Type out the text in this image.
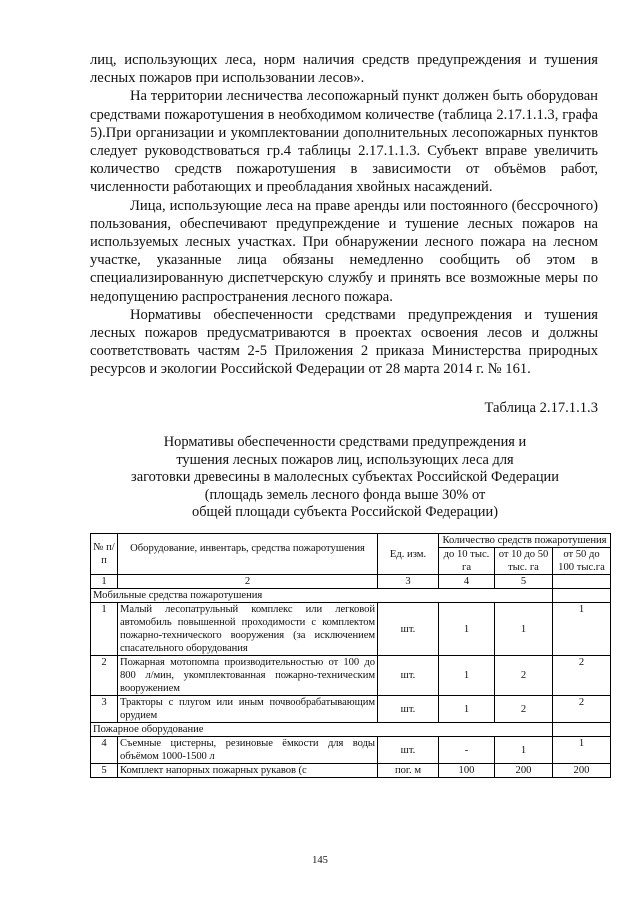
лиц, использующих леса, норм наличия средств предупреждения и тушения лесных пожаров при использовании лесов».

На территории лесничества лесопожарный пункт должен быть оборудован средствами пожаротушения в необходимом количестве (таблица 2.17.1.1.3, графа 5).При организации и укомплектовании дополнительных лесопожарных пунктов следует руководствоваться гр.4 таблицы 2.17.1.1.3. Субъект вправе увеличить количество средств пожаротушения в зависимости от объёмов работ, численности работающих и преобладания хвойных насаждений.

Лица, использующие леса на праве аренды или постоянного (бессрочного) пользования, обеспечивают предупреждение и тушение лесных пожаров на используемых лесных участках. При обнаружении лесного пожара на лесном участке, указанные лица обязаны немедленно сообщить об этом в специализированную диспетчерскую службу и принять все возможные меры по недопущению распространения лесного пожара.

Нормативы обеспеченности средствами предупреждения и тушения лесных пожаров предусматриваются в проектах освоения лесов и должны соответствовать частям 2-5 Приложения 2 приказа Министерства природных ресурсов и экологии Российской Федерации от 28 марта 2014 г. № 161.

Таблица 2.17.1.1.3
Нормативы обеспеченности средствами предупреждения и
тушения лесных пожаров лиц, использующих леса для
заготовки древесины в малолесных субъектах Российской Федерации
(площадь земель лесного фонда выше 30% от
общей площади субъекта Российской Федерации)
№ п/п	Оборудование, инвентарь, средства пожаротушения	Ед. изм.	Количество средств пожаротушения		
			до 10 тыс. га	от 10 до 50 тыс. га	от 50 до 100 тыс.га
1	2	3	4	5	
Мобильные средства пожаротушения					
1	Малый лесопатрульный комплекс или легковой автомобиль повышенной проходимости с комплектом пожарно-технического вооружения (за исключением спасательного оборудования	шт.	1	1	1
2	Пожарная мотопомпа производительностью от 100 до 800 л/мин, укомплектованная пожарно-техническим вооружением	шт.	1	2	2
3	Тракторы с плугом или иным почвообрабатывающим орудием	шт.	1	2	2
Пожарное оборудование					
4	Съемные цистерны, резиновые ёмкости для воды объёмом 1000-1500 л	шт.	-	1	1
5	Комплект напорных пожарных рукавов (с	пог. м	100	200	200
145
